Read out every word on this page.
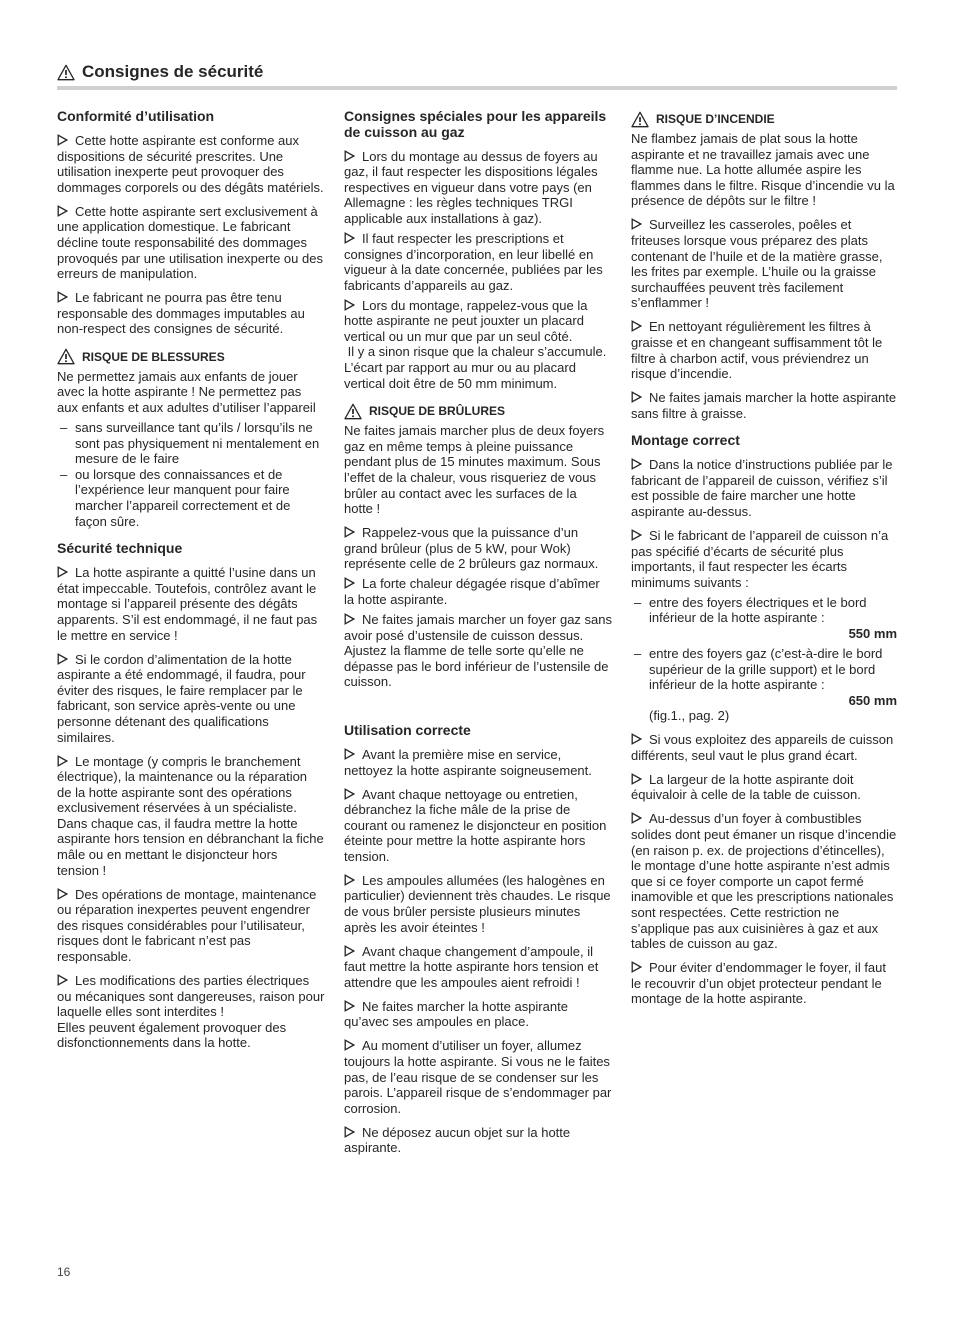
Consignes de sécurité
Conformité d’utilisation

Cette hotte aspirante est conforme aux dispositions de sécurité prescrites. Une utilisation inexperte peut provoquer des dommages corporels ou des dégâts matériels.

Cette hotte aspirante sert exclusivement à une application domestique. Le fabricant décline toute responsabilité des dommages provoqués par une utilisation inexperte ou des erreurs de manipulation.

Le fabricant ne pourra pas être tenu responsable des dommages imputables au non-respect des consignes de sécurité.

RISQUE DE BLESSURES

Ne permettez jamais aux enfants de jouer avec la hotte aspirante ! Ne permettez pas aux enfants et aux adultes d’utiliser l’appareil

– sans surveillance tant qu’ils / lorsqu’ils ne sont pas physiquement ni mentalement en mesure de le faire

– ou lorsque des connaissances et de l’expérience leur manquent pour faire marcher l’appareil correctement et de façon sûre.

Sécurité technique

La hotte aspirante a quitté l’usine dans un état impeccable. Toutefois, contrôlez avant le montage si l’appareil présente des dégâts apparents. S’il est endommagé, il ne faut pas le mettre en service !

Si le cordon d’alimentation de la hotte aspirante a été endommagé, il faudra, pour éviter des risques, le faire remplacer par le fabricant, son service après-vente ou une personne détenant des qualifications similaires.

Le montage (y compris le branchement électrique), la maintenance ou la réparation de la hotte aspirante sont des opérations exclusivement réservées à un spécialiste. Dans chaque cas, il faudra mettre la hotte aspirante hors tension en débranchant la fiche mâle ou en mettant le disjoncteur hors tension !

Des opérations de montage, maintenance ou réparation inexpertes peuvent engendrer des risques considérables pour l’utilisateur, risques dont le fabricant n’est pas responsable.

Les modifications des parties électriques ou mécaniques sont dangereuses, raison pour laquelle elles sont interdites !
Elles peuvent également provoquer des disfonctionnements dans la hotte.

Consignes spéciales pour les appareils
de cuisson au gaz

Lors du montage au dessus de foyers au gaz, il faut respecter les dispositions légales respectives en vigueur dans votre pays (en Allemagne : les règles techniques TRGI applicable aux installations à gaz).

Il faut respecter les prescriptions et consignes d’incorporation, en leur libellé en vigueur à la date concernée, publiées par les fabricants d’appareils au gaz.

Lors du montage, rappelez-vous que la hotte aspirante ne peut jouxter un placard vertical ou un mur que par un seul côté.
Il y a sinon risque que la chaleur s’accumule. L’écart par rapport au mur ou au placard vertical doit être de 50 mm minimum.

RISQUE DE BRÛLURES

Ne faites jamais marcher plus de deux foyers gaz en même temps à pleine puissance pendant plus de 15 minutes maximum. Sous l’effet de la chaleur, vous risqueriez de vous brûler au contact avec les surfaces de la hotte !

Rappelez-vous que la puissance d’un grand brûleur (plus de 5 kW, pour Wok) représente celle de 2 brûleurs gaz normaux.

La forte chaleur dégagée risque d’abîmer la hotte aspirante.

Ne faites jamais marcher un foyer gaz sans avoir posé d’ustensile de cuisson dessus. Ajustez la flamme de telle sorte qu’elle ne dépasse pas le bord inférieur de l’ustensile de cuisson.

Utilisation correcte

Avant la première mise en service, nettoyez la hotte aspirante soigneusement.

Avant chaque nettoyage ou entretien, débranchez la fiche mâle de la prise de courant ou ramenez le disjoncteur en position éteinte pour mettre la hotte aspirante hors tension.

Les ampoules allumées (les halogènes en particulier) deviennent très chaudes. Le risque de vous brûler persiste plusieurs minutes après les avoir éteintes !

Avant chaque changement d’ampoule, il faut mettre la hotte aspirante hors tension et attendre que les ampoules aient refroidi !

Ne faites marcher la hotte aspirante qu’avec ses ampoules en place.

Au moment d’utiliser un foyer, allumez toujours la hotte aspirante. Si vous ne le faites pas, de l’eau risque de se condenser sur les parois. L’appareil risque de s’endommager par corrosion.

Ne déposez aucun objet sur la hotte aspirante.

RISQUE D’INCENDIE

Ne flambez jamais de plat sous la hotte aspirante et ne travaillez jamais avec une flamme nue. La hotte allumée aspire les flammes dans le filtre. Risque d’incendie vu la présence de dépôts sur le filtre !

Surveillez les casseroles, poêles et friteuses lorsque vous préparez des plats contenant de l’huile et de la matière grasse, les frites par exemple. L’huile ou la graisse surchauffées peuvent très facilement s’enflammer !

En nettoyant régulièrement les filtres à graisse et en changeant suffisamment tôt le filtre à charbon actif, vous préviendrez un risque d’incendie.

Ne faites jamais marcher la hotte aspirante sans filtre à graisse.

Montage correct

Dans la notice d’instructions publiée par le fabricant de l’appareil de cuisson, vérifiez s’il est possible de faire marcher une hotte aspirante au-dessus.

Si le fabricant de l’appareil de cuisson n’a pas spécifié d’écarts de sécurité plus importants, il faut respecter les écarts minimums suivants :

– entre des foyers électriques et le bord inférieur de la hotte aspirante :
550 mm

– entre des foyers gaz (c’est-à-dire le bord supérieur de la grille support) et le bord inférieur de la hotte aspirante :
650 mm

(fig.1., pag. 2)

Si vous exploitez des appareils de cuisson différents, seul vaut le plus grand écart.

La largeur de la hotte aspirante doit équivaloir à celle de la table de cuisson.

Au-dessus d’un foyer à combustibles solides dont peut émaner un risque d’incendie (en raison p. ex. de projections d’étincelles), le montage d’une hotte aspirante n’est admis que si ce foyer comporte un capot fermé inamovible et que les prescriptions nationales sont respectées. Cette restriction ne s’applique pas aux cuisinières à gaz et aux tables de cuisson au gaz.

Pour éviter d’endommager le foyer, il faut le recouvrir d’un objet protecteur pendant le montage de la hotte aspirante.

16
